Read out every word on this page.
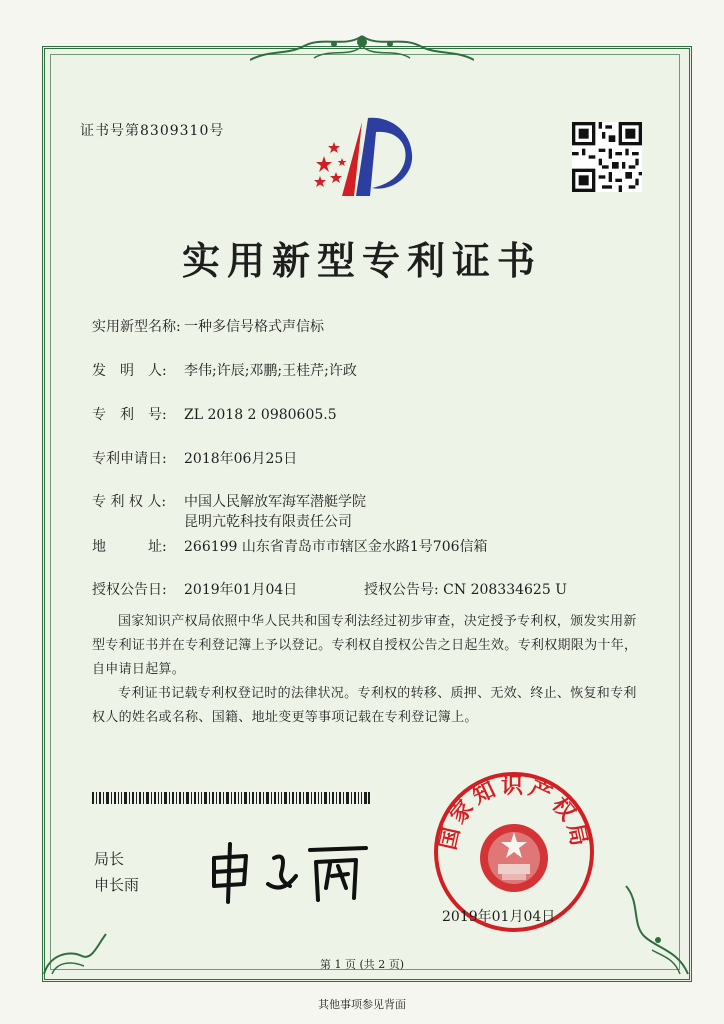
证书号第8309310号
实用新型专利证书
实用新型名称: 一种多信号格式声信标
发　明　人: 李伟;许辰;邓鹏;王桂芹;许政
专　利　号: ZL 2018 2 0980605.5
专利申请日: 2018年06月25日
专 利 权 人: 中国人民解放军海军潜艇学院
昆明亢乾科技有限责任公司
地　　　址: 266199 山东省青岛市市辖区金水路1号706信箱
授权公告日: 2019年01月04日	授权公告号: CN 208334625 U
国家知识产权局依照中华人民共和国专利法经过初步审查，决定授予专利权，颁发实用新型专利证书并在专利登记簿上予以登记。专利权自授权公告之日起生效。专利权期限为十年，自申请日起算。
专利证书记载专利权登记时的法律状况。专利权的转移、质押、无效、终止、恢复和专利权人的姓名或名称、国籍、地址变更等事项记载在专利登记簿上。
局长
申长雨
国家知识产权局
2019年01月04日
第 1 页 (共 2 页)
其他事项参见背面
